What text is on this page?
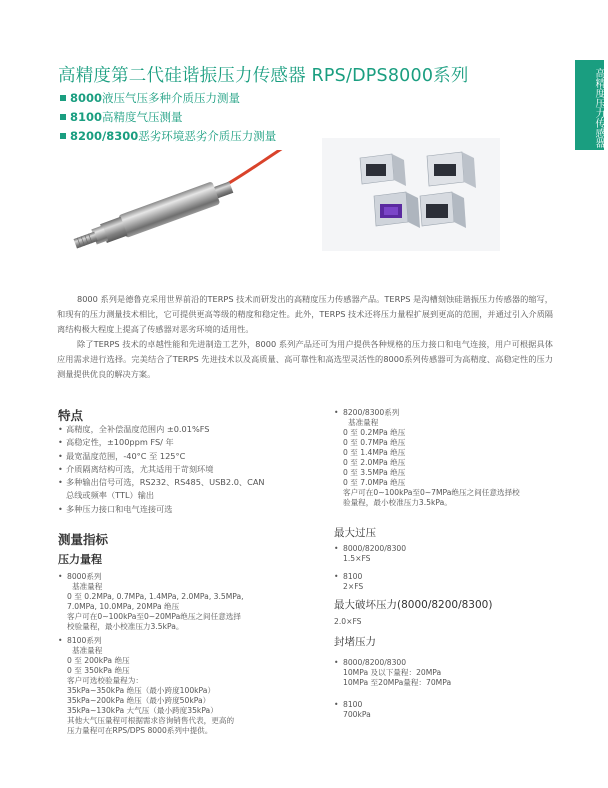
高精度压力传感器
高精度第二代硅谐振压力传感器 RPS/DPS8000系列
8000液压气压多种介质压力测量
8100高精度气压测量
8200/8300恶劣环境恶劣介质压力测量

8000 系列是德鲁克采用世界前沿的TERPS 技术而研发出的高精度压力传感器产品。TERPS 是沟槽刻蚀硅谐振压力传感器的缩写，和现有的压力测量技术相比，它可提供更高等级的精度和稳定性。此外，TERPS 技术还将压力量程扩展到更高的范围，并通过引入介质隔离结构极大程度上提高了传感器对恶劣环境的适用性。

除了TERPS 技术的卓越性能和先进制造工艺外，8000 系列产品还可为用户提供各种规格的压力接口和电气连接，用户可根据具体应用需求进行选择。完美结合了TERPS 先进技术以及高质量、高可靠性和高选型灵活性的8000系列传感器可为高精度、高稳定性的压力测量提供优良的解决方案。

特点
• 高精度，全补偿温度范围内 ±0.01%FS
• 高稳定性，±100ppm FS/ 年
• 最宽温度范围，-40°C 至 125°C
• 介质隔离结构可选，尤其适用于苛刻环境
• 多种输出信号可选，RS232、RS485、USB2.0、CAN
总线或频率（TTL）输出
• 多种压力接口和电气连接可选
测量指标
压力量程
• 8000系列
基准量程
0 至 0.2MPa, 0.7MPa, 1.4MPa, 2.0MPa, 3.5MPa,
7.0MPa, 10.0MPa, 20MPa 绝压
客户可在0~100kPa至0~20MPa绝压之间任意选择
校验量程，最小校准压力3.5kPa。
• 8100系列
基准量程
0 至 200kPa 绝压
0 至 350kPa 绝压
客户可选校验量程为：
35kPa~350kPa 绝压（最小跨度100kPa）
35kPa~200kPa 绝压（最小跨度50kPa）
35kPa~130kPa 大气压（最小跨度35kPa）
其他大气压量程可根据需求咨询销售代表，更高的
压力量程可在RPS/DPS 8000系列中提供。
• 8200/8300系列
基准量程
0 至 0.2MPa 绝压
0 至 0.7MPa 绝压
0 至 1.4MPa 绝压
0 至 2.0MPa 绝压
0 至 3.5MPa 绝压
0 至 7.0MPa 绝压
客户可在0~100kPa至0~7MPa绝压之间任意选择校
验量程，最小校准压力3.5kPa。
最大过压
• 8000/8200/8300
1.5×FS
• 8100
2×FS
最大破坏压力(8000/8200/8300)
2.0×FS
封堵压力
• 8000/8200/8300
10MPa 及以下量程：20MPa
10MPa 至20MPa量程：70MPa
• 8100
700kPa
